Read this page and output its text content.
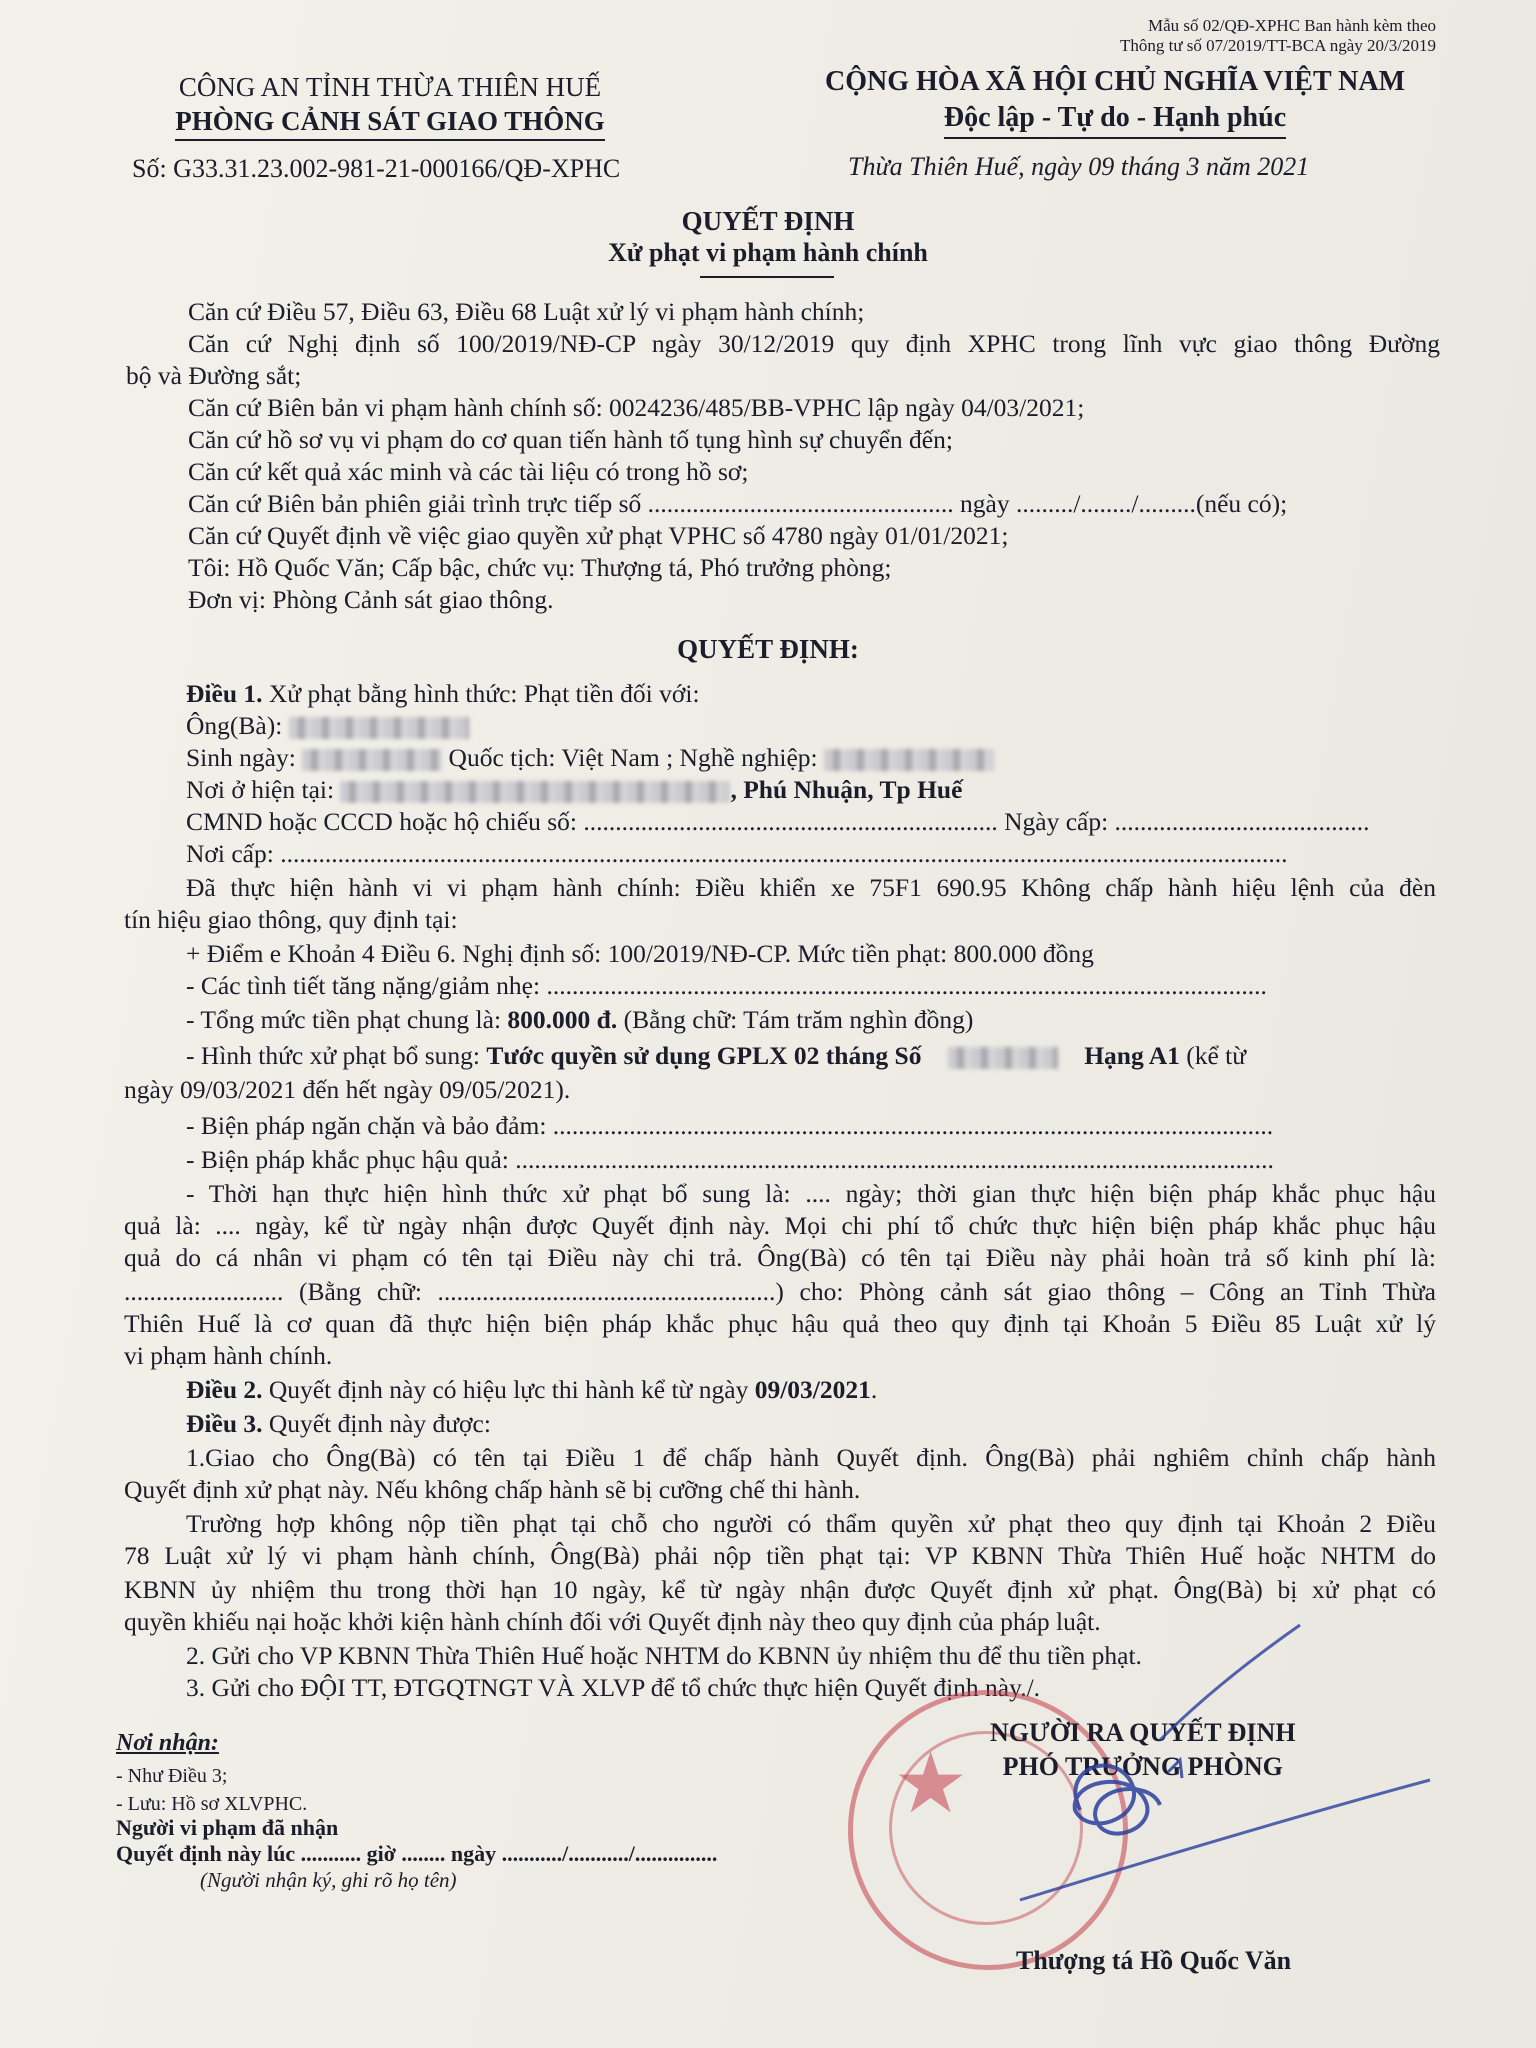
Mẫu số 02/QĐ-XPHC Ban hành kèm theo
Thông tư số 07/2019/TT-BCA ngày 20/3/2019
CÔNG AN TỈNH THỪA THIÊN HUẾ
PHÒNG CẢNH SÁT GIAO THÔNG
Số: G33.31.23.002-981-21-000166/QĐ-XPHC
CỘNG HÒA XÃ HỘI CHỦ NGHĨA VIỆT NAM
Độc lập - Tự do - Hạnh phúc
Thừa Thiên Huế, ngày 09 tháng 3 năm 2021
QUYẾT ĐỊNH
Xử phạt vi phạm hành chính
Căn cứ Điều 57, Điều 63, Điều 68 Luật xử lý vi phạm hành chính;
Căn cứ Nghị định số 100/2019/NĐ-CP ngày 30/12/2019 quy định XPHC trong lĩnh vực giao thông Đường
bộ và Đường sắt;
Căn cứ Biên bản vi phạm hành chính số: 0024236/485/BB-VPHC lập ngày 04/03/2021;
Căn cứ hồ sơ vụ vi phạm do cơ quan tiến hành tố tụng hình sự chuyển đến;
Căn cứ kết quả xác minh và các tài liệu có trong hồ sơ;
Căn cứ Biên bản phiên giải trình trực tiếp số ................................................ ngày ........./......../.........(nếu có);
Căn cứ Quyết định về việc giao quyền xử phạt VPHC số 4780 ngày 01/01/2021;
Tôi: Hồ Quốc Văn; Cấp bậc, chức vụ: Thượng tá, Phó trưởng phòng;
Đơn vị: Phòng Cảnh sát giao thông.
QUYẾT ĐỊNH:
Điều 1. Xử phạt bằng hình thức: Phạt tiền đối với:
Ông(Bà):
Sinh ngày:	Quốc tịch: Việt Nam ; Nghề nghiệp:
Nơi ở hiện tại:	, Phú Nhuận, Tp Huế
CMND hoặc CCCD hoặc hộ chiếu số: ................................................................. Ngày cấp: ........................................
Nơi cấp: ..............................................................................................................................................................
Đã thực hiện hành vi vi phạm hành chính: Điều khiển xe 75F1 690.95 Không chấp hành hiệu lệnh của đèn
tín hiệu giao thông, quy định tại:
+ Điểm e Khoản 4 Điều 6. Nghị định số: 100/2019/NĐ-CP. Mức tiền phạt: 800.000 đồng
- Các tình tiết tăng nặng/giảm nhẹ: .................................................................................................................
- Tổng mức tiền phạt chung là: 800.000 đ. (Bằng chữ: Tám trăm nghìn đồng)
- Hình thức xử phạt bổ sung: Tước quyền sử dụng GPLX 02 tháng Số	Hạng A1 (kể từ
ngày 09/03/2021 đến hết ngày 09/05/2021).
- Biện pháp ngăn chặn và bảo đảm: .................................................................................................................
- Biện pháp khắc phục hậu quả: .......................................................................................................................
- Thời hạn thực hiện hình thức xử phạt bổ sung là: .... ngày; thời gian thực hiện biện pháp khắc phục hậu
quả là: .... ngày, kể từ ngày nhận được Quyết định này. Mọi chi phí tổ chức thực hiện biện pháp khắc phục hậu
quả do cá nhân vi phạm có tên tại Điều này chi trả. Ông(Bà) có tên tại Điều này phải hoàn trả số kinh phí là:
......................... (Bằng chữ: .....................................................) cho: Phòng cảnh sát giao thông – Công an Tỉnh Thừa
Thiên Huế là cơ quan đã thực hiện biện pháp khắc phục hậu quả theo quy định tại Khoản 5 Điều 85 Luật xử lý
vi phạm hành chính.
Điều 2. Quyết định này có hiệu lực thi hành kể từ ngày 09/03/2021.
Điều 3. Quyết định này được:
1.Giao cho Ông(Bà) có tên tại Điều 1 để chấp hành Quyết định. Ông(Bà) phải nghiêm chỉnh chấp hành
Quyết định xử phạt này. Nếu không chấp hành sẽ bị cưỡng chế thi hành.
Trường hợp không nộp tiền phạt tại chỗ cho người có thẩm quyền xử phạt theo quy định tại Khoản 2 Điều
78 Luật xử lý vi phạm hành chính, Ông(Bà) phải nộp tiền phạt tại: VP KBNN Thừa Thiên Huế hoặc NHTM do
KBNN ủy nhiệm thu trong thời hạn 10 ngày, kể từ ngày nhận được Quyết định xử phạt. Ông(Bà) bị xử phạt có
quyền khiếu nại hoặc khởi kiện hành chính đối với Quyết định này theo quy định của pháp luật.
2. Gửi cho VP KBNN Thừa Thiên Huế hoặc NHTM do KBNN ủy nhiệm thu để thu tiền phạt.
3. Gửi cho ĐỘI TT, ĐTGQTNGT VÀ XLVP để tổ chức thực hiện Quyết định này./.
Nơi nhận:
- Như Điều 3;
- Lưu: Hồ sơ XLVPHC.
Người vi phạm đã nhận
Quyết định này lúc ........... giờ ........ ngày .........../.........../...............
(Người nhận ký, ghi rõ họ tên)
★
NGƯỜI RA QUYẾT ĐỊNH
PHÓ TRƯỞNG PHÒNG
Thượng tá Hồ Quốc Văn
